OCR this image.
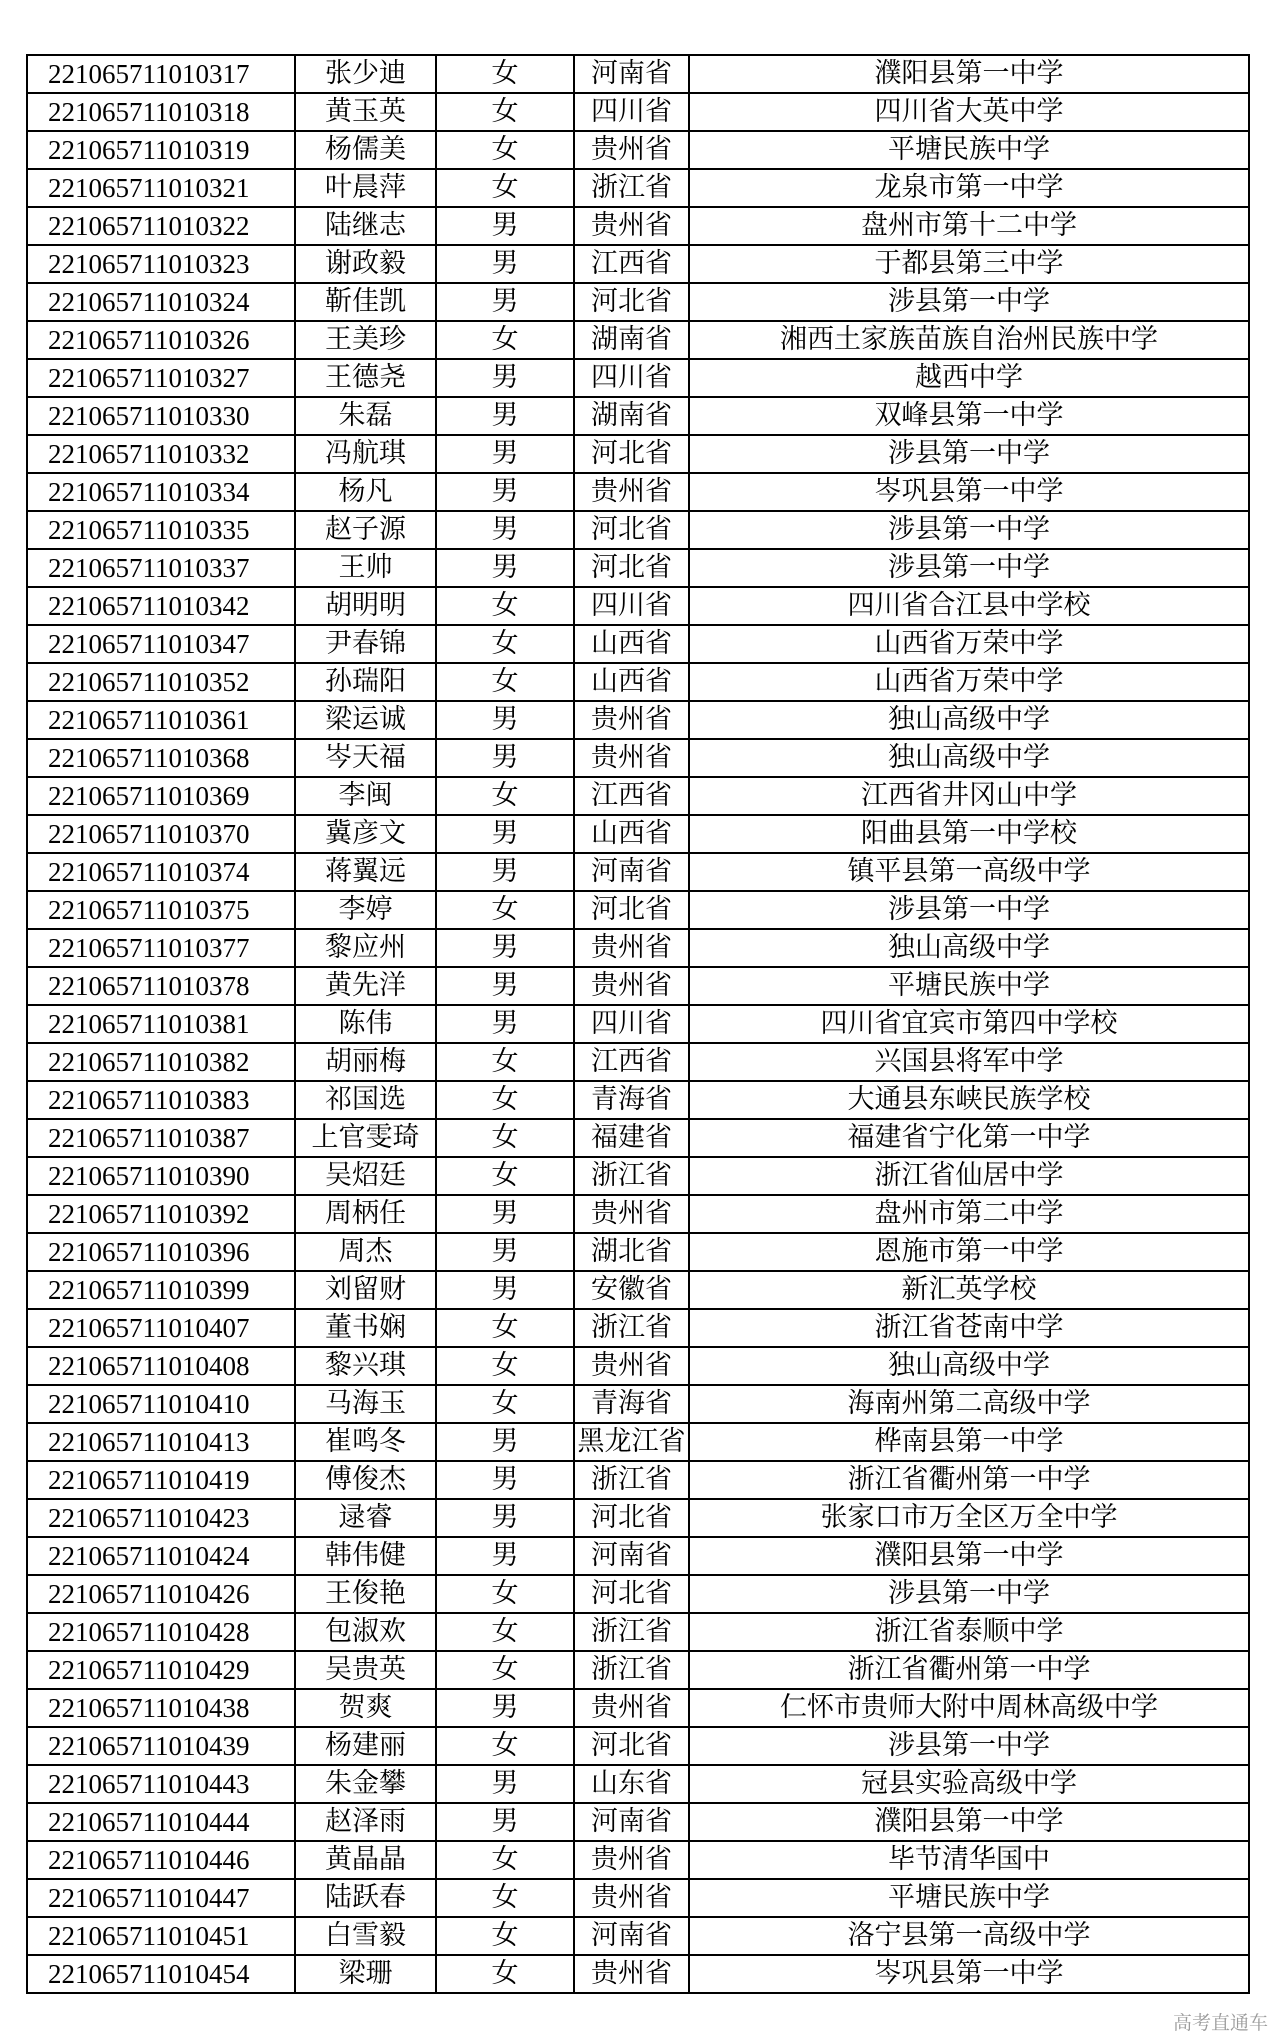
221065711010317	张少迪	女	河南省	濮阳县第一中学
221065711010318	黄玉英	女	四川省	四川省大英中学
221065711010319	杨儒美	女	贵州省	平塘民族中学
221065711010321	叶晨萍	女	浙江省	龙泉市第一中学
221065711010322	陆继志	男	贵州省	盘州市第十二中学
221065711010323	谢政毅	男	江西省	于都县第三中学
221065711010324	靳佳凯	男	河北省	涉县第一中学
221065711010326	王美珍	女	湖南省	湘西土家族苗族自治州民族中学
221065711010327	王德尧	男	四川省	越西中学
221065711010330	朱磊	男	湖南省	双峰县第一中学
221065711010332	冯航琪	男	河北省	涉县第一中学
221065711010334	杨凡	男	贵州省	岑巩县第一中学
221065711010335	赵子源	男	河北省	涉县第一中学
221065711010337	王帅	男	河北省	涉县第一中学
221065711010342	胡明明	女	四川省	四川省合江县中学校
221065711010347	尹春锦	女	山西省	山西省万荣中学
221065711010352	孙瑞阳	女	山西省	山西省万荣中学
221065711010361	梁运诚	男	贵州省	独山高级中学
221065711010368	岑天福	男	贵州省	独山高级中学
221065711010369	李闽	女	江西省	江西省井冈山中学
221065711010370	冀彦文	男	山西省	阳曲县第一中学校
221065711010374	蒋翼远	男	河南省	镇平县第一高级中学
221065711010375	李婷	女	河北省	涉县第一中学
221065711010377	黎应州	男	贵州省	独山高级中学
221065711010378	黄先洋	男	贵州省	平塘民族中学
221065711010381	陈伟	男	四川省	四川省宜宾市第四中学校
221065711010382	胡丽梅	女	江西省	兴国县将军中学
221065711010383	祁国选	女	青海省	大通县东峡民族学校
221065711010387	上官雯琦	女	福建省	福建省宁化第一中学
221065711010390	吴炤廷	女	浙江省	浙江省仙居中学
221065711010392	周柄任	男	贵州省	盘州市第二中学
221065711010396	周杰	男	湖北省	恩施市第一中学
221065711010399	刘留财	男	安徽省	新汇英学校
221065711010407	董书娴	女	浙江省	浙江省苍南中学
221065711010408	黎兴琪	女	贵州省	独山高级中学
221065711010410	马海玉	女	青海省	海南州第二高级中学
221065711010413	崔鸣冬	男	黑龙江省	桦南县第一中学
221065711010419	傅俊杰	男	浙江省	浙江省衢州第一中学
221065711010423	逯睿	男	河北省	张家口市万全区万全中学
221065711010424	韩伟健	男	河南省	濮阳县第一中学
221065711010426	王俊艳	女	河北省	涉县第一中学
221065711010428	包淑欢	女	浙江省	浙江省泰顺中学
221065711010429	吴贵英	女	浙江省	浙江省衢州第一中学
221065711010438	贺爽	男	贵州省	仁怀市贵师大附中周林高级中学
221065711010439	杨建丽	女	河北省	涉县第一中学
221065711010443	朱金攀	男	山东省	冠县实验高级中学
221065711010444	赵泽雨	男	河南省	濮阳县第一中学
221065711010446	黄晶晶	女	贵州省	毕节清华国中
221065711010447	陆跃春	女	贵州省	平塘民族中学
221065711010451	白雪毅	女	河南省	洛宁县第一高级中学
221065711010454	梁珊	女	贵州省	岑巩县第一中学
高考直通车
